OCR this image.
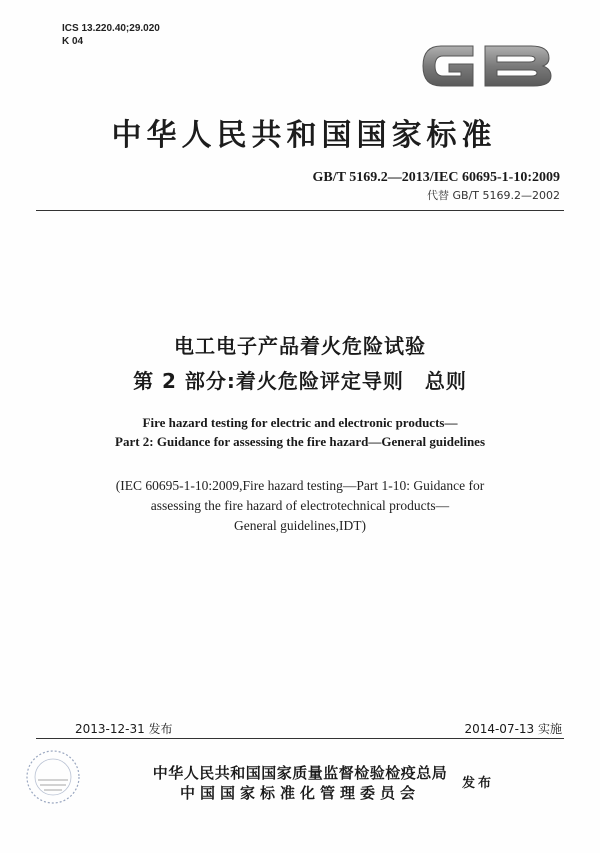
ICS 13.220.40;29.020
K 04
中华人民共和国国家标准
GB/T 5169.2—2013/IEC 60695-1-10:2009
代替 GB/T 5169.2—2002
电工电子产品着火危险试验
第 2 部分:着火危险评定导则　总则
Fire hazard testing for electric and electronic products—
Part 2: Guidance for assessing the fire hazard—General guidelines
(IEC 60695-1-10:2009,Fire hazard testing—Part 1-10: Guidance for
assessing the fire hazard of electrotechnical products—
General guidelines,IDT)
2013-12-31 发布	2014-07-13 实施
中华人民共和国国家质量监督检验检疫总局
中国国家标准化管理委员会
发布
